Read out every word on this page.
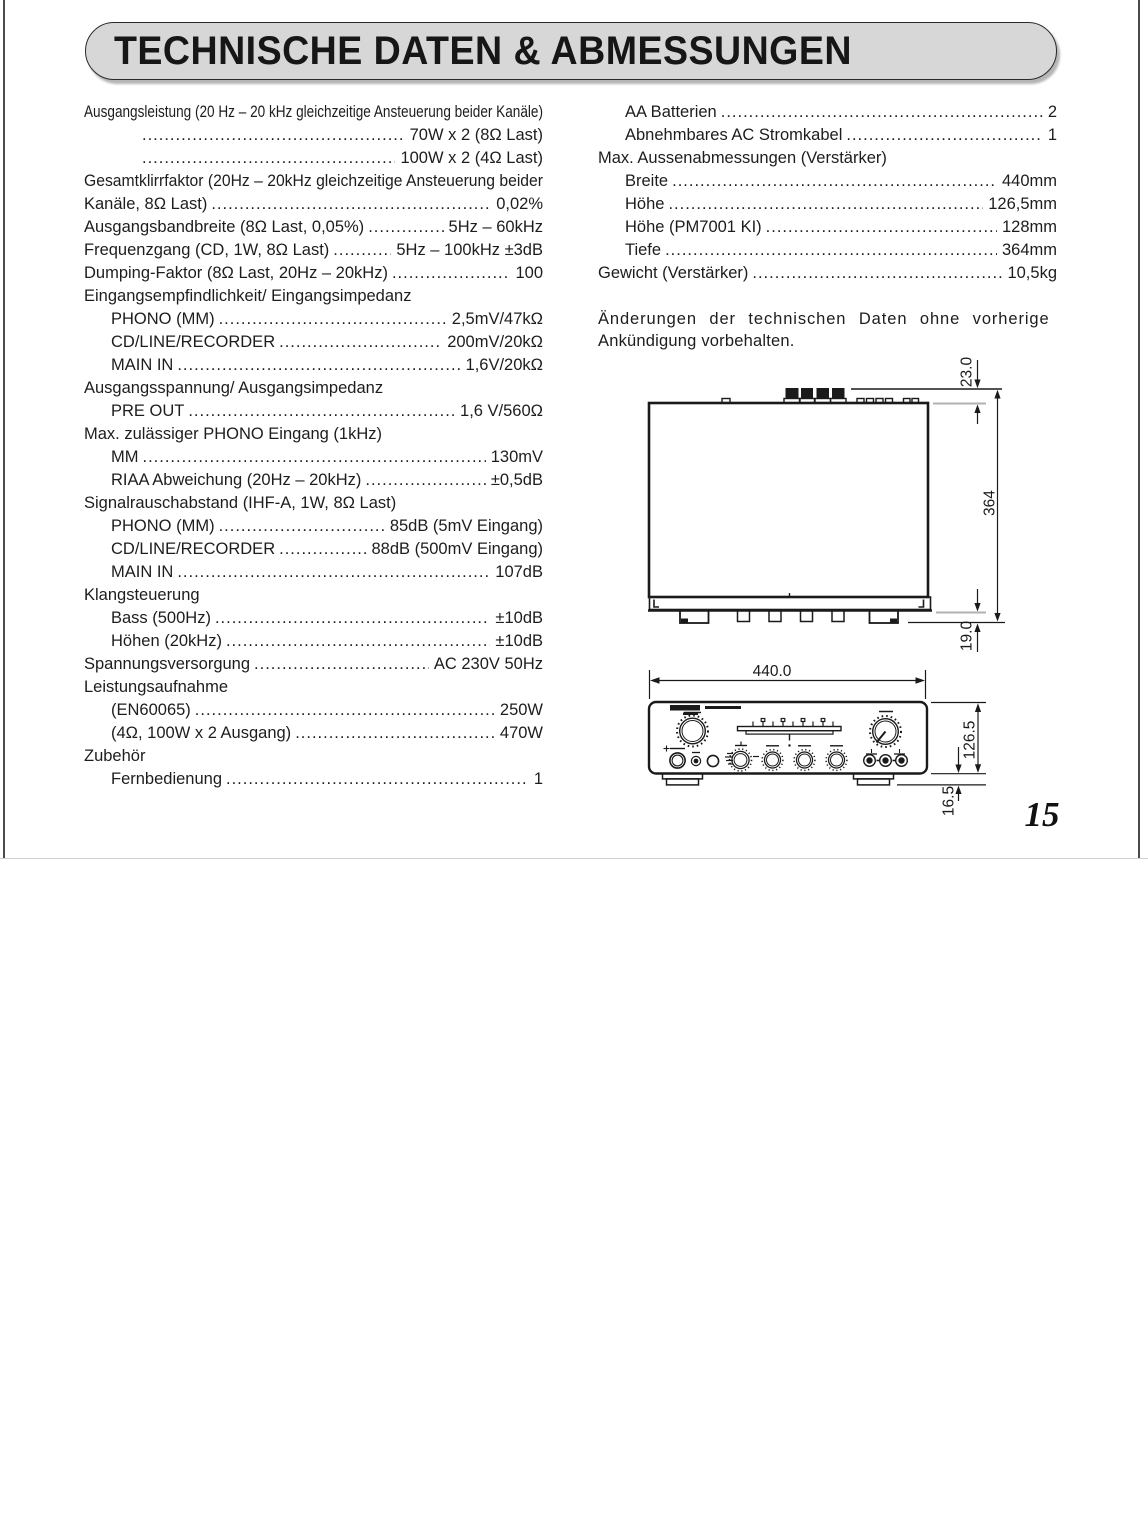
TECHNISCHE DATEN & ABMESSUNGEN
Ausgangsleistung (20 Hz – 20 kHz gleichzeitige Ansteuerung beider Kanäle)
.....
70W x 2 (8Ω Last)
.....
100W x 2 (4Ω Last)
Gesamtklirrfaktor (20Hz – 20kHz gleichzeitige Ansteuerung beider
Kanäle, 8Ω Last) .....	0,02%
Ausgangsbandbreite (8Ω Last, 0,05%) .....	5Hz – 60kHz
Frequenzgang (CD, 1W, 8Ω Last) .....	5Hz – 100kHz ±3dB
Dumping-Faktor (8Ω Last, 20Hz – 20kHz) .....	100
Eingangsempfindlichkeit/ Eingangsimpedanz
PHONO (MM) .....	2,5mV/47kΩ
CD/LINE/RECORDER .....	200mV/20kΩ
MAIN IN .....	1,6V/20kΩ
Ausgangsspannung/ Ausgangsimpedanz
PRE OUT .....	1,6 V/560Ω
Max. zulässiger PHONO Eingang (1kHz)
MM .....	130mV
RIAA Abweichung (20Hz – 20kHz) .....	±0,5dB
Signalrauschabstand (IHF-A, 1W, 8Ω Last)
PHONO (MM) .....	85dB (5mV Eingang)
CD/LINE/RECORDER .....	88dB (500mV Eingang)
MAIN IN .....	107dB
Klangsteuerung
Bass (500Hz) .....	±10dB
Höhen (20kHz) .....	±10dB
Spannungsversorgung .....	AC 230V 50Hz
Leistungsaufnahme
(EN60065) .....	250W
(4Ω, 100W x 2 Ausgang) .....	470W
Zubehör
Fernbedienung .....	1
AA Batterien .....	2
Abnehmbares AC Stromkabel .....	1
Max. Aussenabmessungen (Verstärker)
Breite .....	440mm
Höhe .....	126,5mm
Höhe (PM7001 KI) .....	128mm
Tiefe .....	364mm
Gewicht (Verstärker) .....	10,5kg
Änderungen der technischen Daten ohne vorherige
Ankündigung vorbehalten.
23.0
364
19.0
440.0
126.5
16.5 15
